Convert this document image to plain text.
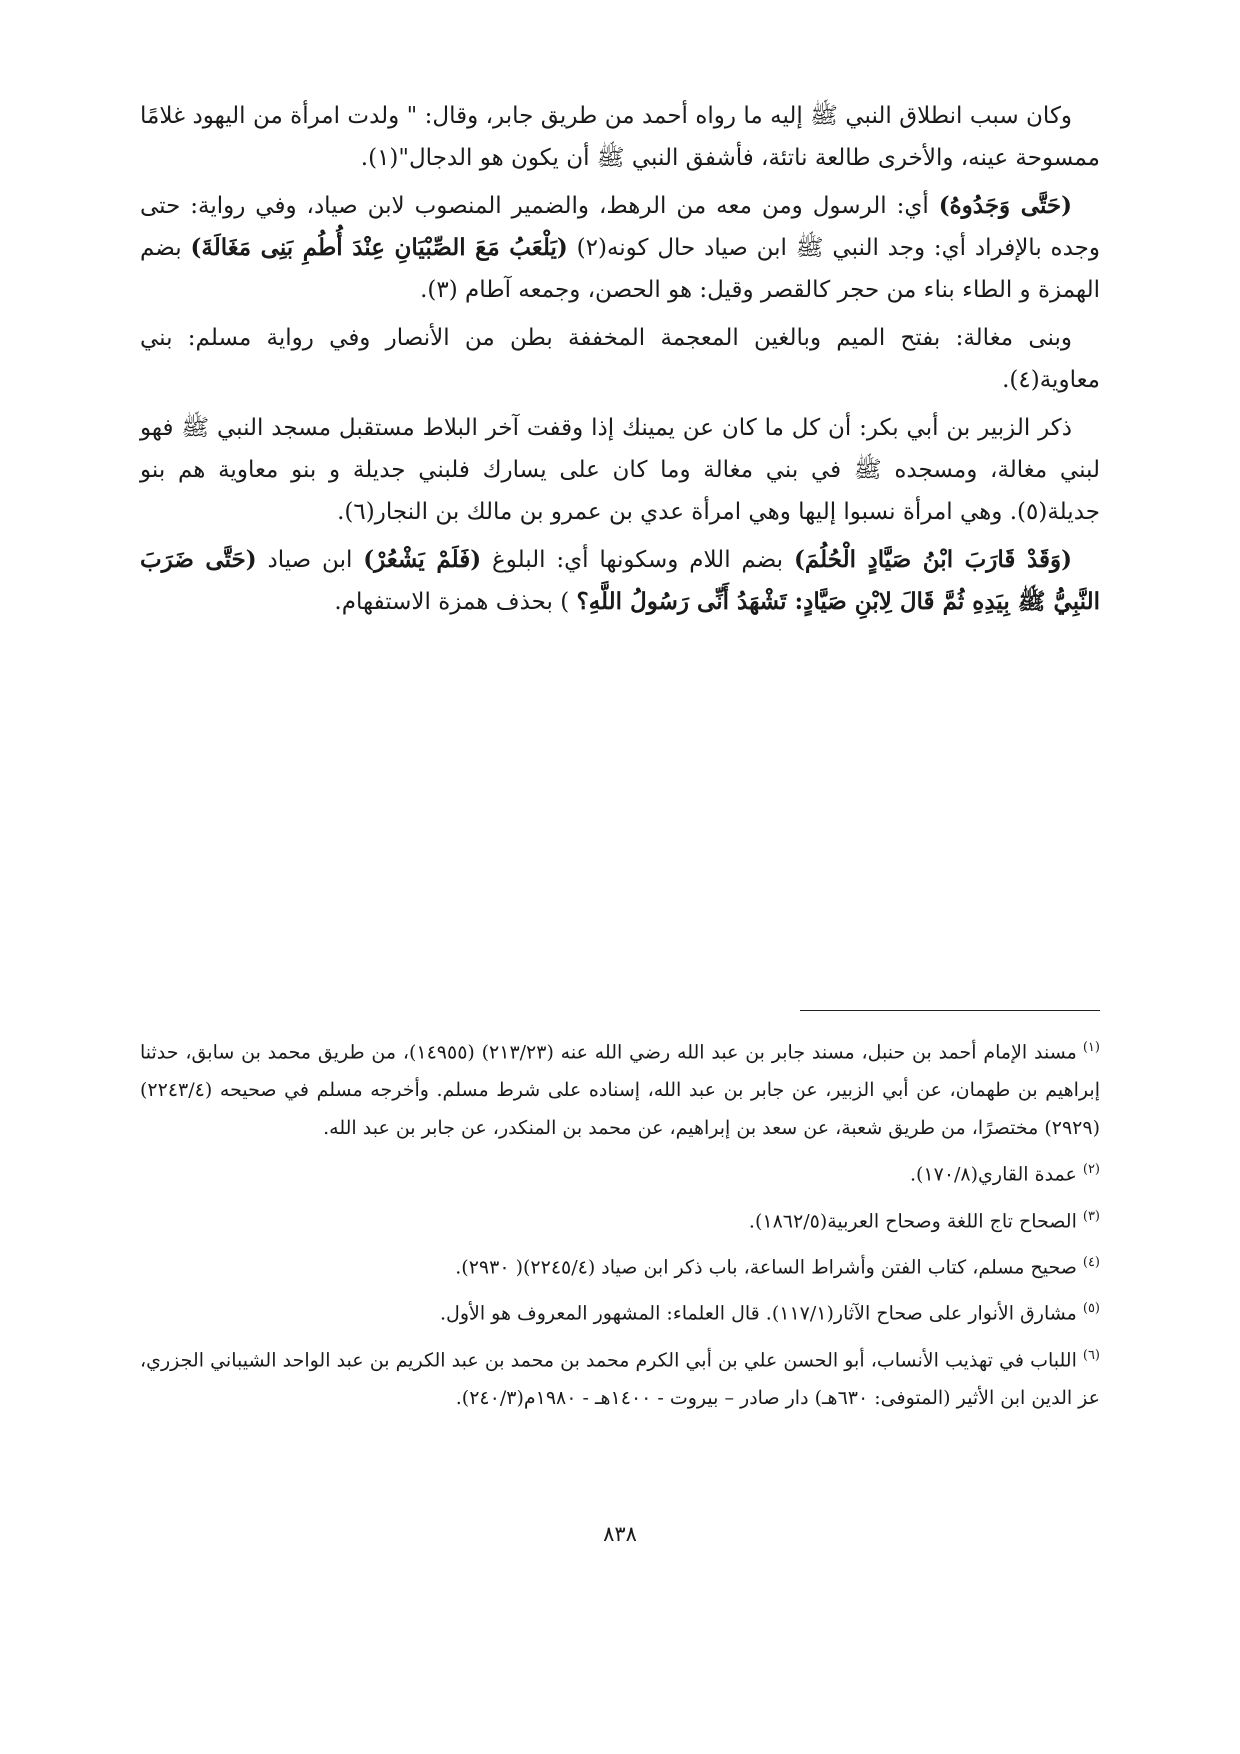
وكان سبب انطلاق النبي ﷺ إليه ما رواه أحمد من طريق جابر، وقال: " ولدت امرأة من اليهود غلامًا ممسوحة عينه، والأخرى طالعة ناتئة، فأشفق النبي ﷺ أن يكون هو الدجال"(١).

(حَتَّى وَجَدُوهُ) أي: الرسول ومن معه من الرهط، والضمير المنصوب لابن صياد، وفي رواية: حتى وجده بالإفراد أي: وجد النبي ﷺ ابن صياد حال كونه(٢) (يَلْعَبُ مَعَ الصِّبْيَانِ عِنْدَ أُطُمِ بَنِى مَغَالَةَ) بضم الهمزة و الطاء بناء من حجر كالقصر وقيل: هو الحصن، وجمعه آطام (٣).

وبنى مغالة: بفتح الميم وبالغين المعجمة المخففة بطن من الأنصار وفي رواية مسلم: بني معاوية(٤).

ذكر الزبير بن أبي بكر: أن كل ما كان عن يمينك إذا وقفت آخر البلاط مستقبل مسجد النبي ﷺ فهو لبني مغالة، ومسجده ﷺ في بني مغالة وما كان على يسارك فلبني جديلة و بنو معاوية هم بنو جديلة(٥). وهي امرأة نسبوا إليها وهي امرأة عدي بن عمرو بن مالك بن النجار(٦).

(وَقَدْ قَارَبَ ابْنُ صَيَّادٍ الْحُلُمَ) بضم اللام وسكونها أي: البلوغ (فَلَمْ يَشْعُرْ) ابن صياد (حَتَّى ضَرَبَ النَّبِيُّ ﷺ بِيَدِهِ ثُمَّ قَالَ لِابْنِ صَيَّادٍ: تَشْهَدُ أَنِّى رَسُولُ اللَّهِ؟ ) بحذف همزة الاستفهام.

$^{(١)}$مسند الإمام أحمد بن حنبل، مسند جابر بن عبد الله رضي الله عنه (٢١٣/٢٣) (١٤٩٥٥)، من طريق محمد بن سابق، حدثنا إبراهيم بن طهمان، عن أبي الزبير، عن جابر بن عبد الله، إسناده على شرط مسلم. وأخرجه مسلم في صحيحه (٢٢٤٣/٤)(٢٩٢٩) مختصرًا، من طريق شعبة، عن سعد بن إبراهيم، عن محمد بن المنكدر، عن جابر بن عبد الله.

$^{(٢)}$عمدة القاري(١٧٠/٨).

$^{(٣)}$الصحاح تاج اللغة وصحاح العربية(١٨٦٢/٥).

$^{(٤)}$صحيح مسلم، كتاب الفتن وأشراط الساعة، باب ذكر ابن صياد (٢٢٤٥/٤)( ٢٩٣٠).

$^{(٥)}$مشارق الأنوار على صحاح الآثار(١١٧/١). قال العلماء: المشهور المعروف هو الأول.

$^{(٦)}$اللباب في تهذيب الأنساب، أبو الحسن علي بن أبي الكرم محمد بن محمد بن عبد الكريم بن عبد الواحد الشيباني الجزري، عز الدين ابن الأثير (المتوفى: ٦٣٠هـ) دار صادر – بيروت - ١٤٠٠هـ - ١٩٨٠م(٢٤٠/٣).

٨٣٨
